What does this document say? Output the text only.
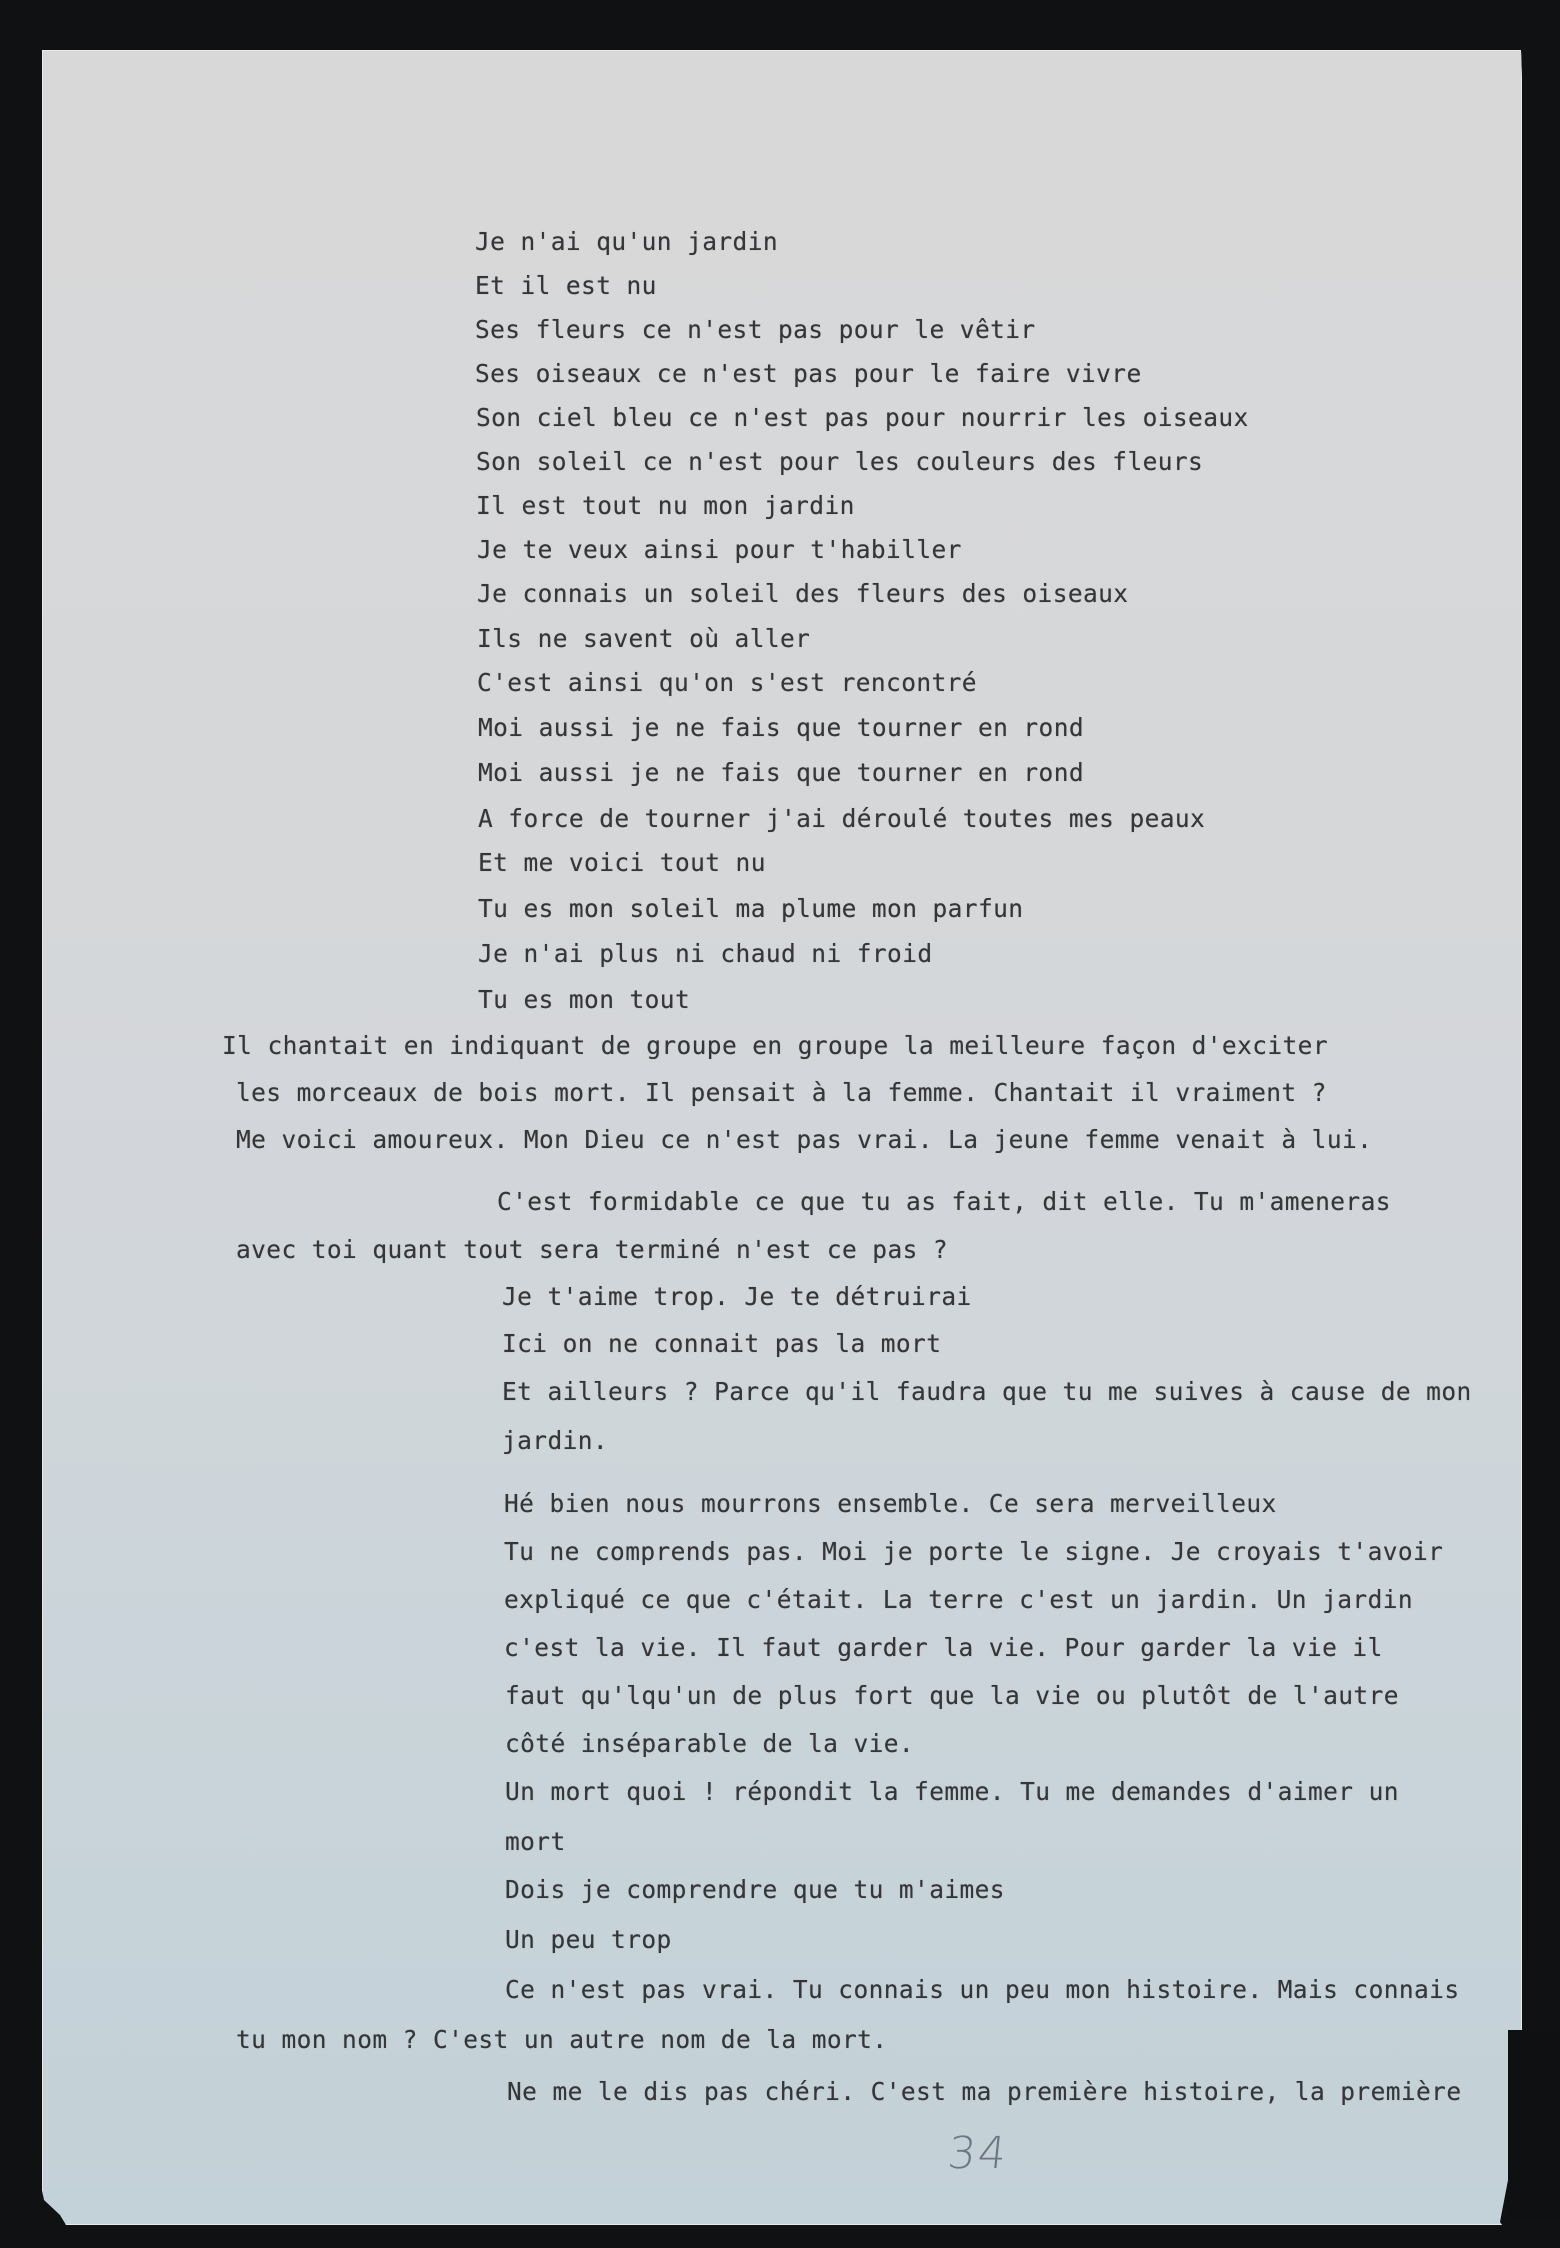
Je n'ai qu'un jardin
Et il est nu
Ses fleurs ce n'est pas pour le vêtir
Ses oiseaux ce n'est pas pour le faire vivre
Son ciel bleu ce n'est pas pour nourrir les oiseaux
Son soleil ce n'est pour les couleurs des fleurs
Il est tout nu mon jardin
Je te veux ainsi pour t'habiller
Je connais un soleil des fleurs des oiseaux
Ils ne savent où aller
C'est ainsi qu'on s'est rencontré
Moi aussi je ne fais que tourner en rond
Moi aussi je ne fais que tourner en rond
A force de tourner j'ai déroulé toutes mes peaux
Et me voici tout nu
Tu es mon soleil ma plume mon parfun
Je n'ai plus ni chaud ni froid
Tu es mon tout
Il chantait en indiquant de groupe en groupe la meilleure façon d'exciter
les morceaux de bois mort. Il pensait à la femme. Chantait il vraiment ?
Me voici amoureux. Mon Dieu ce n'est pas vrai. La jeune femme venait à lui.
C'est formidable ce que tu as fait, dit elle. Tu m'ameneras
avec toi quant tout sera terminé n'est ce pas ?
Je t'aime trop. Je te détruirai
Ici on ne connait pas la mort
Et ailleurs ? Parce qu'il faudra que tu me suives à cause de mon
jardin.
Hé bien nous mourrons ensemble. Ce sera merveilleux
Tu ne comprends pas. Moi je porte le signe. Je croyais t'avoir
expliqué ce que c'était. La terre c'est un jardin. Un jardin
c'est la vie. Il faut garder la vie. Pour garder la vie il
faut qu'lqu'un de plus fort que la vie ou plutôt de l'autre
côté inséparable de la vie.
Un mort quoi ! répondit la femme. Tu me demandes d'aimer un
mort
Dois je comprendre que tu m'aimes
Un peu trop
Ce n'est pas vrai. Tu connais un peu mon histoire. Mais connais
tu mon nom ? C'est un autre nom de la mort.
Ne me le dis pas chéri. C'est ma première histoire, la première
34
